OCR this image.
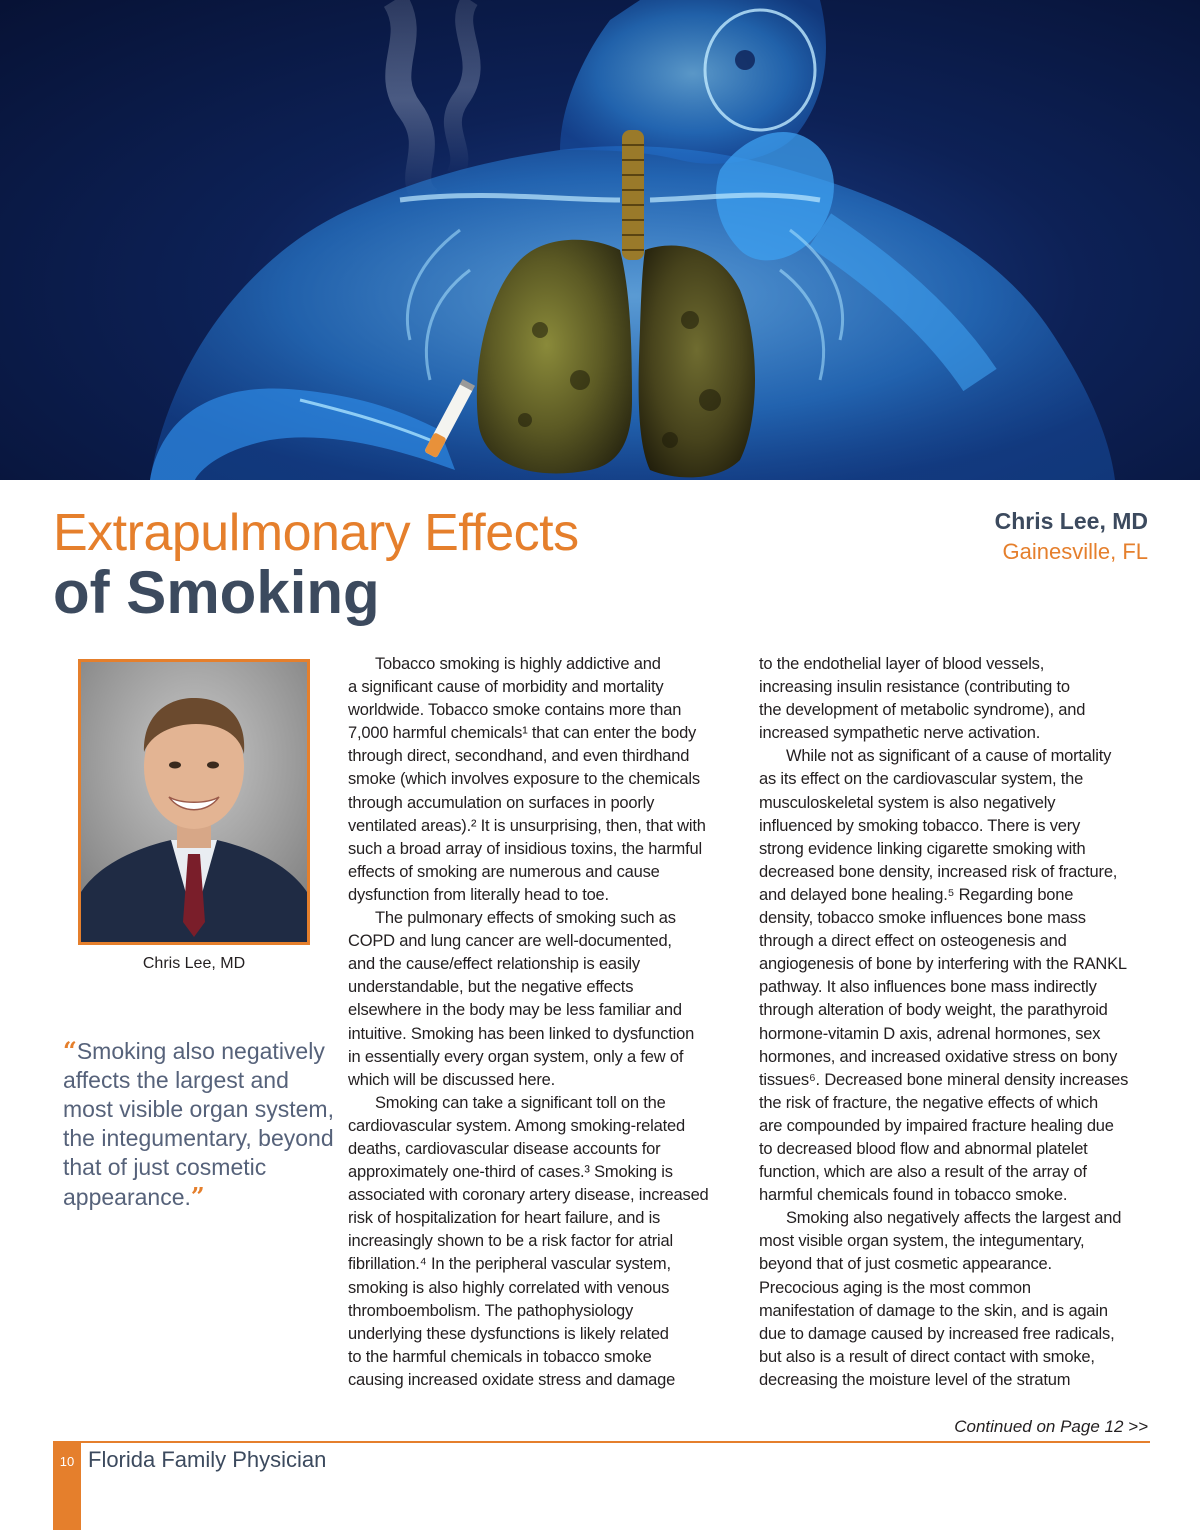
Extrapulmonary Effects
of Smoking
Chris Lee, MD
Gainesville, FL
Chris Lee, MD
“Smoking also negatively affects the largest and most visible organ system, the integumentary, beyond that of just cosmetic appearance.”

Tobacco smoking is highly addictive and
a significant cause of morbidity and mortality
worldwide. Tobacco smoke contains more than
7,000 harmful chemicals¹ that can enter the body
through direct, secondhand, and even thirdhand
smoke (which involves exposure to the chemicals
through accumulation on surfaces in poorly
ventilated areas).² It is unsurprising, then, that with
such a broad array of insidious toxins, the harmful
effects of smoking are numerous and cause
dysfunction from literally head to toe.

The pulmonary effects of smoking such as
COPD and lung cancer are well-documented,
and the cause/effect relationship is easily
understandable, but the negative effects
elsewhere in the body may be less familiar and
intuitive. Smoking has been linked to dysfunction
in essentially every organ system, only a few of
which will be discussed here.

Smoking can take a significant toll on the
cardiovascular system. Among smoking-related
deaths, cardiovascular disease accounts for
approximately one-third of cases.³ Smoking is
associated with coronary artery disease, increased
risk of hospitalization for heart failure, and is
increasingly shown to be a risk factor for atrial
fibrillation.⁴ In the peripheral vascular system,
smoking is also highly correlated with venous
thromboembolism. The pathophysiology
underlying these dysfunctions is likely related
to the harmful chemicals in tobacco smoke
causing increased oxidate stress and damage

to the endothelial layer of blood vessels,
increasing insulin resistance (contributing to
the development of metabolic syndrome), and
increased sympathetic nerve activation.

While not as significant of a cause of mortality
as its effect on the cardiovascular system, the
musculoskeletal system is also negatively
influenced by smoking tobacco. There is very
strong evidence linking cigarette smoking with
decreased bone density, increased risk of fracture,
and delayed bone healing.⁵ Regarding bone
density, tobacco smoke influences bone mass
through a direct effect on osteogenesis and
angiogenesis of bone by interfering with the RANKL
pathway. It also influences bone mass indirectly
through alteration of body weight, the parathyroid
hormone-vitamin D axis, adrenal hormones, sex
hormones, and increased oxidative stress on bony
tissues⁶. Decreased bone mineral density increases
the risk of fracture, the negative effects of which
are compounded by impaired fracture healing due
to decreased blood flow and abnormal platelet
function, which are also a result of the array of
harmful chemicals found in tobacco smoke.

Smoking also negatively affects the largest and
most visible organ system, the integumentary,
beyond that of just cosmetic appearance.
Precocious aging is the most common
manifestation of damage to the skin, and is again
due to damage caused by increased free radicals,
but also is a result of direct contact with smoke,
decreasing the moisture level of the stratum

Continued on Page 12 >>
10 Florida Family Physician
